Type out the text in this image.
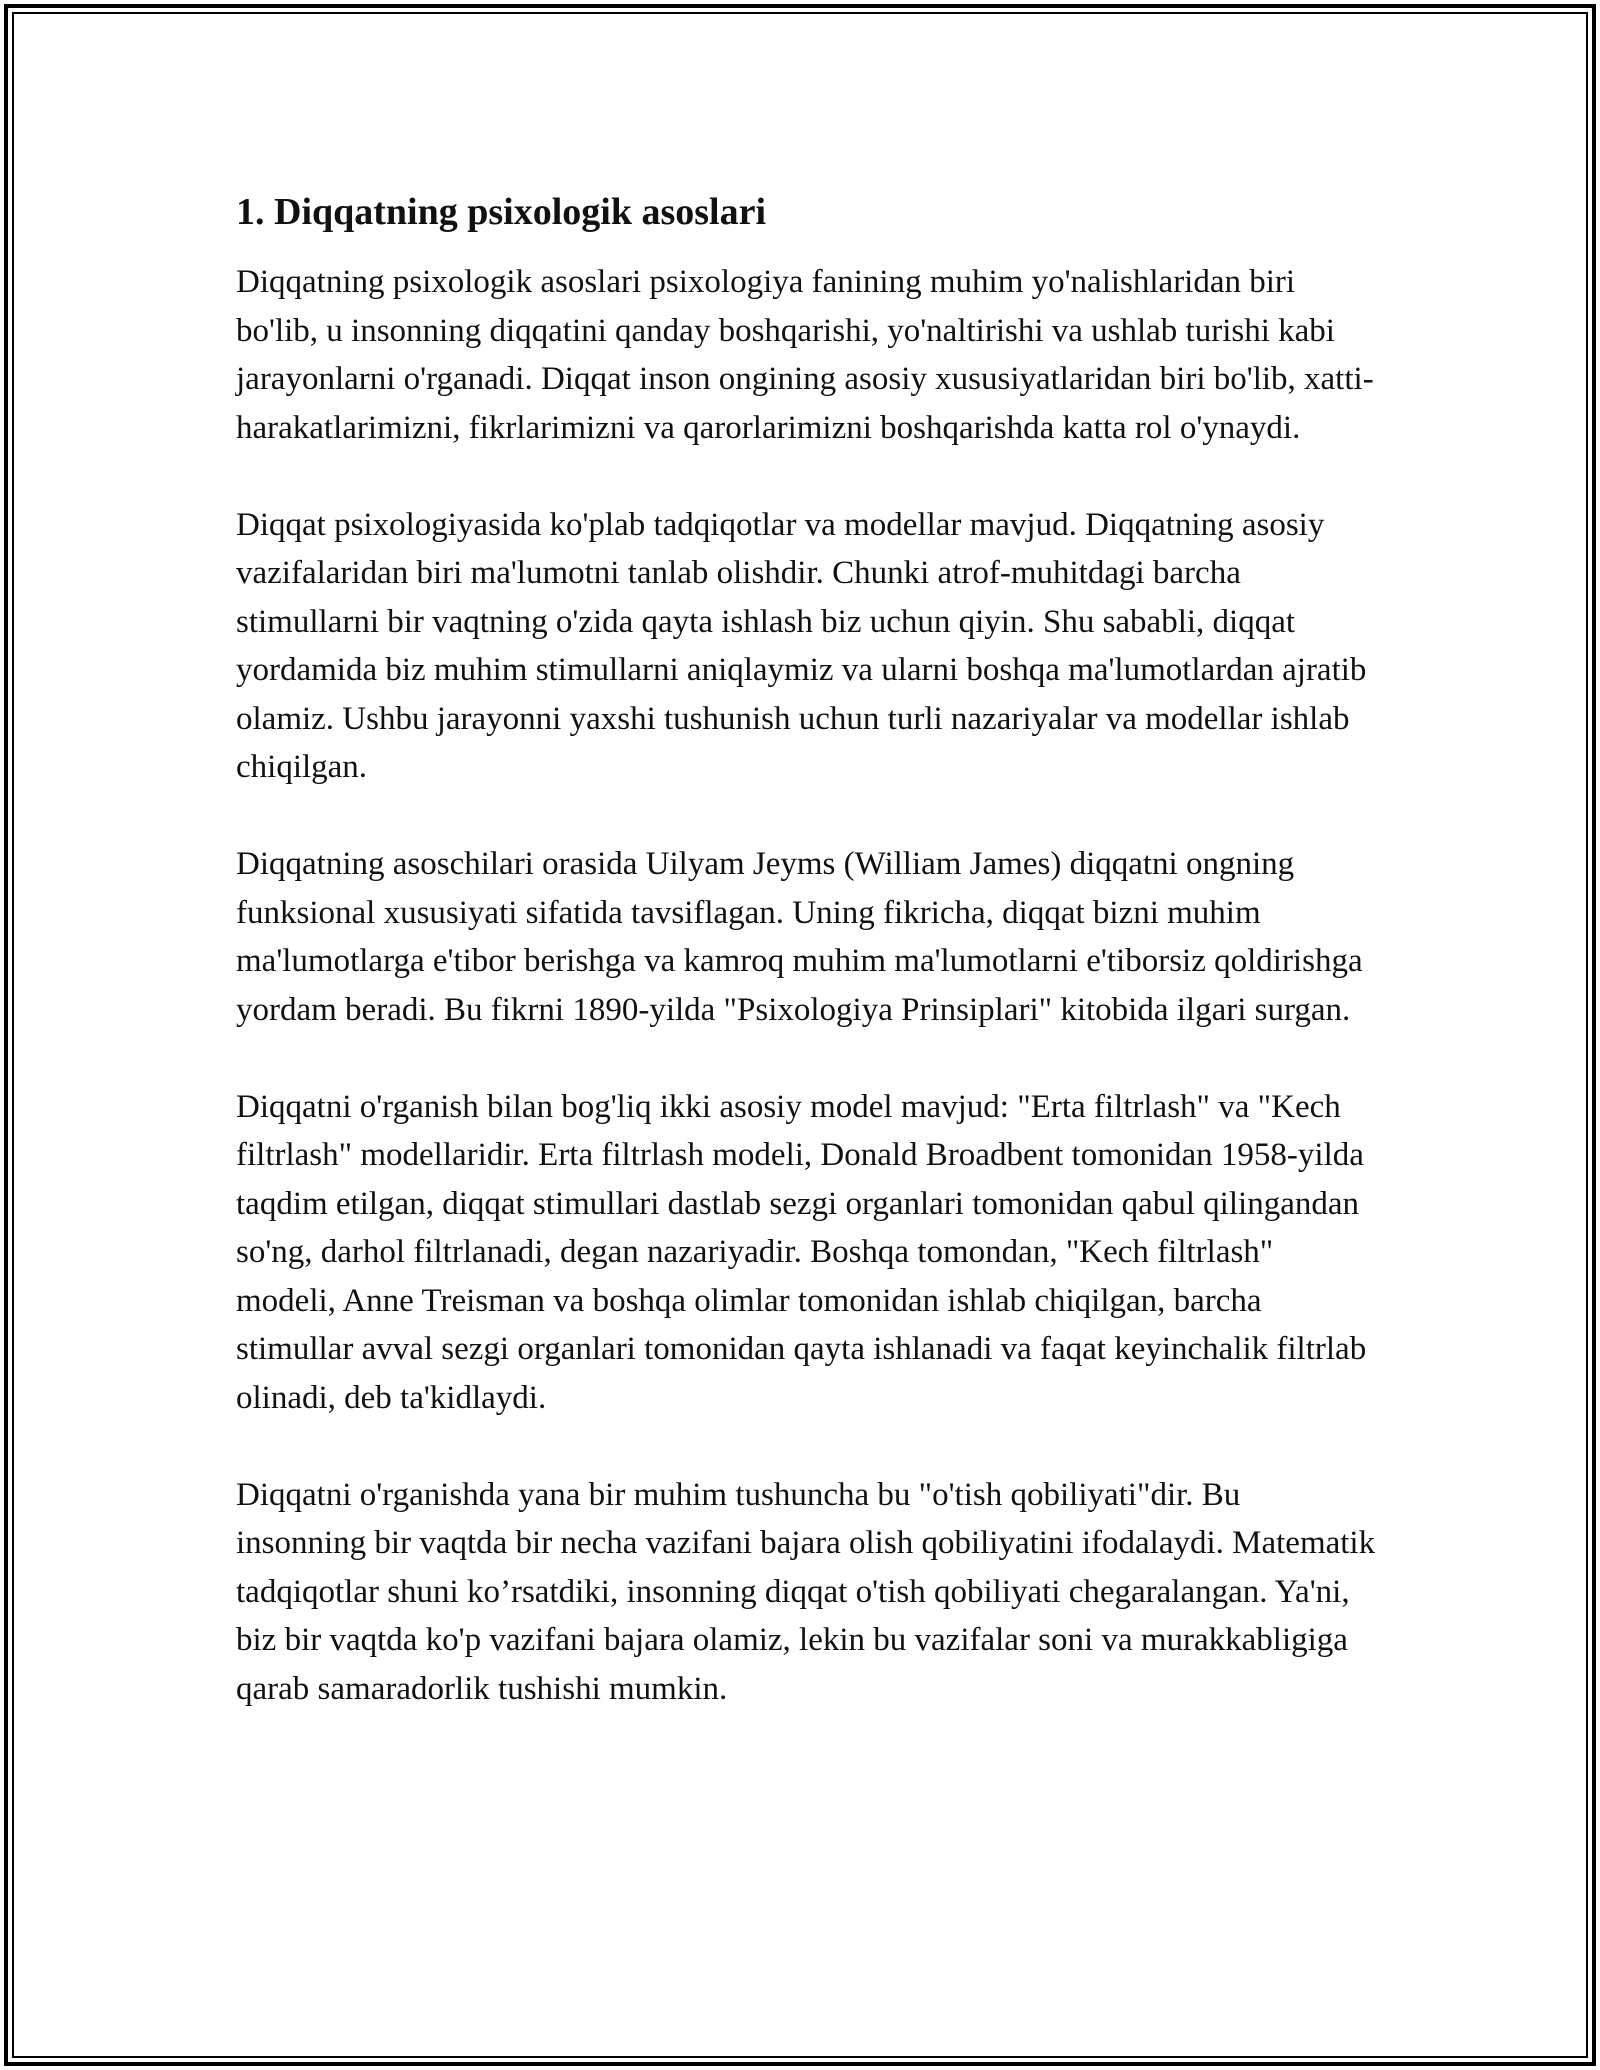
1. Diqqatning psixologik asoslari

Diqqatning psixologik asoslari psixologiya fanining muhim yo'nalishlaridan biri bo'lib, u insonning diqqatini qanday boshqarishi, yo'naltirishi va ushlab turishi kabi jarayonlarni o'rganadi. Diqqat inson ongining asosiy xususiyatlaridan biri bo'lib, xatti-harakatlarimizni, fikrlarimizni va qarorlarimizni boshqarishda katta rol o'ynaydi.

Diqqat psixologiyasida ko'plab tadqiqotlar va modellar mavjud. Diqqatning asosiy vazifalaridan biri ma'lumotni tanlab olishdir. Chunki atrof-muhitdagi barcha stimullarni bir vaqtning o'zida qayta ishlash biz uchun qiyin. Shu sababli, diqqat yordamida biz muhim stimullarni aniqlaymiz va ularni boshqa ma'lumotlardan ajratib olamiz. Ushbu jarayonni yaxshi tushunish uchun turli nazariyalar va modellar ishlab chiqilgan.

Diqqatning asoschilari orasida Uilyam Jeyms (William James) diqqatni ongning funksional xususiyati sifatida tavsiflagan. Uning fikricha, diqqat bizni muhim ma'lumotlarga e'tibor berishga va kamroq muhim ma'lumotlarni e'tiborsiz qoldirishga yordam beradi. Bu fikrni 1890-yilda "Psixologiya Prinsiplari" kitobida ilgari surgan.

Diqqatni o'rganish bilan bog'liq ikki asosiy model mavjud: "Erta filtrlash" va "Kech filtrlash" modellaridir. Erta filtrlash modeli, Donald Broadbent tomonidan 1958-yilda taqdim etilgan, diqqat stimullari dastlab sezgi organlari tomonidan qabul qilingandan so'ng, darhol filtrlanadi, degan nazariyadir. Boshqa tomondan, "Kech filtrlash" modeli, Anne Treisman va boshqa olimlar tomonidan ishlab chiqilgan, barcha stimullar avval sezgi organlari tomonidan qayta ishlanadi va faqat keyinchalik filtrlab olinadi, deb ta'kidlaydi.

Diqqatni o'rganishda yana bir muhim tushuncha bu "o'tish qobiliyati"dir. Bu insonning bir vaqtda bir necha vazifani bajara olish qobiliyatini ifodalaydi. Matematik tadqiqotlar shuni ko’rsatdiki, insonning diqqat o'tish qobiliyati chegaralangan. Ya'ni, biz bir vaqtda ko'p vazifani bajara olamiz, lekin bu vazifalar soni va murakkabligiga qarab samaradorlik tushishi mumkin.
